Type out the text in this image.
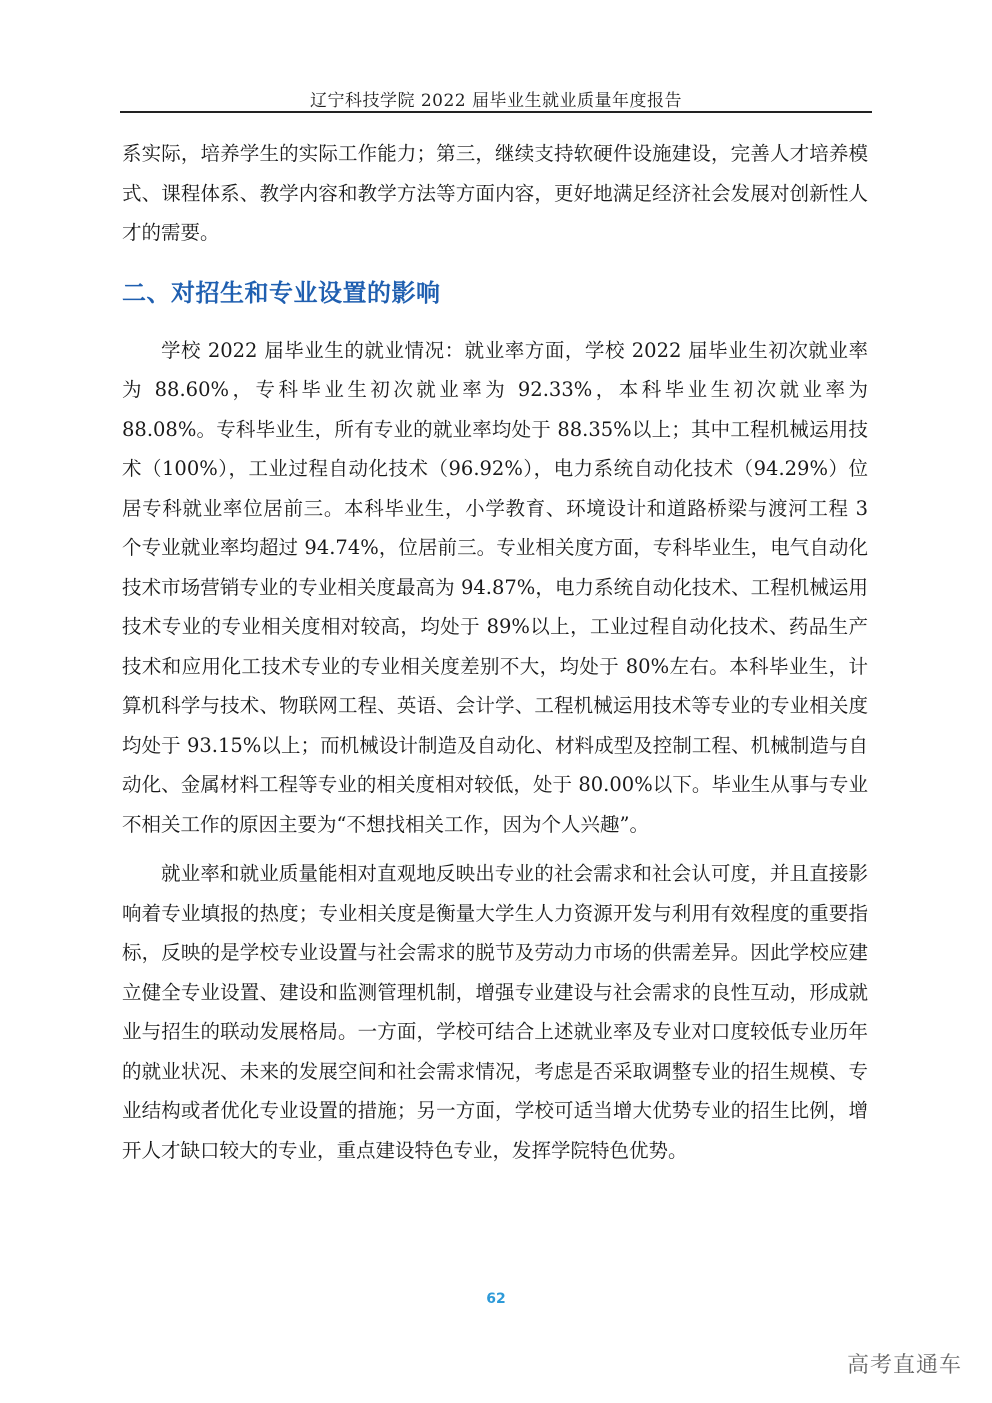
辽宁科技学院 2022 届毕业生就业质量年度报告

系实际，培养学生的实际工作能力；第三，继续支持软硬件设施建设，完善人才培养模式、课程体系、教学内容和教学方法等方面内容，更好地满足经济社会发展对创新性人才的需要。

二、对招生和专业设置的影响

学校 2022 届毕业生的就业情况：就业率方面，学校 2022 届毕业生初次就业率为 88.60%，专科毕业生初次就业率为 92.33%，本科毕业生初次就业率为 88.08%。专科毕业生，所有专业的就业率均处于 88.35%以上；其中工程机械运用技术（100%），工业过程自动化技术（96.92%），电力系统自动化技术（94.29%）位居专科就业率位居前三。本科毕业生，小学教育、环境设计和道路桥梁与渡河工程 3 个专业就业率均超过 94.74%，位居前三。专业相关度方面，专科毕业生，电气自动化技术市场营销专业的专业相关度最高为 94.87%，电力系统自动化技术、工程机械运用技术专业的专业相关度相对较高，均处于 89%以上，工业过程自动化技术、药品生产技术和应用化工技术专业的专业相关度差别不大，均处于 80%左右。本科毕业生，计算机科学与技术、物联网工程、英语、会计学、工程机械运用技术等专业的专业相关度均处于 93.15%以上；而机械设计制造及自动化、材料成型及控制工程、机械制造与自动化、金属材料工程等专业的相关度相对较低，处于 80.00%以下。毕业生从事与专业不相关工作的原因主要为“不想找相关工作，因为个人兴趣”。

就业率和就业质量能相对直观地反映出专业的社会需求和社会认可度，并且直接影响着专业填报的热度；专业相关度是衡量大学生人力资源开发与利用有效程度的重要指标，反映的是学校专业设置与社会需求的脱节及劳动力市场的供需差异。因此学校应建立健全专业设置、建设和监测管理机制，增强专业建设与社会需求的良性互动，形成就业与招生的联动发展格局。一方面，学校可结合上述就业率及专业对口度较低专业历年的就业状况、未来的发展空间和社会需求情况，考虑是否采取调整专业的招生规模、专业结构或者优化专业设置的措施；另一方面，学校可适当增大优势专业的招生比例，增开人才缺口较大的专业，重点建设特色专业，发挥学院特色优势。

62
高考直通车
